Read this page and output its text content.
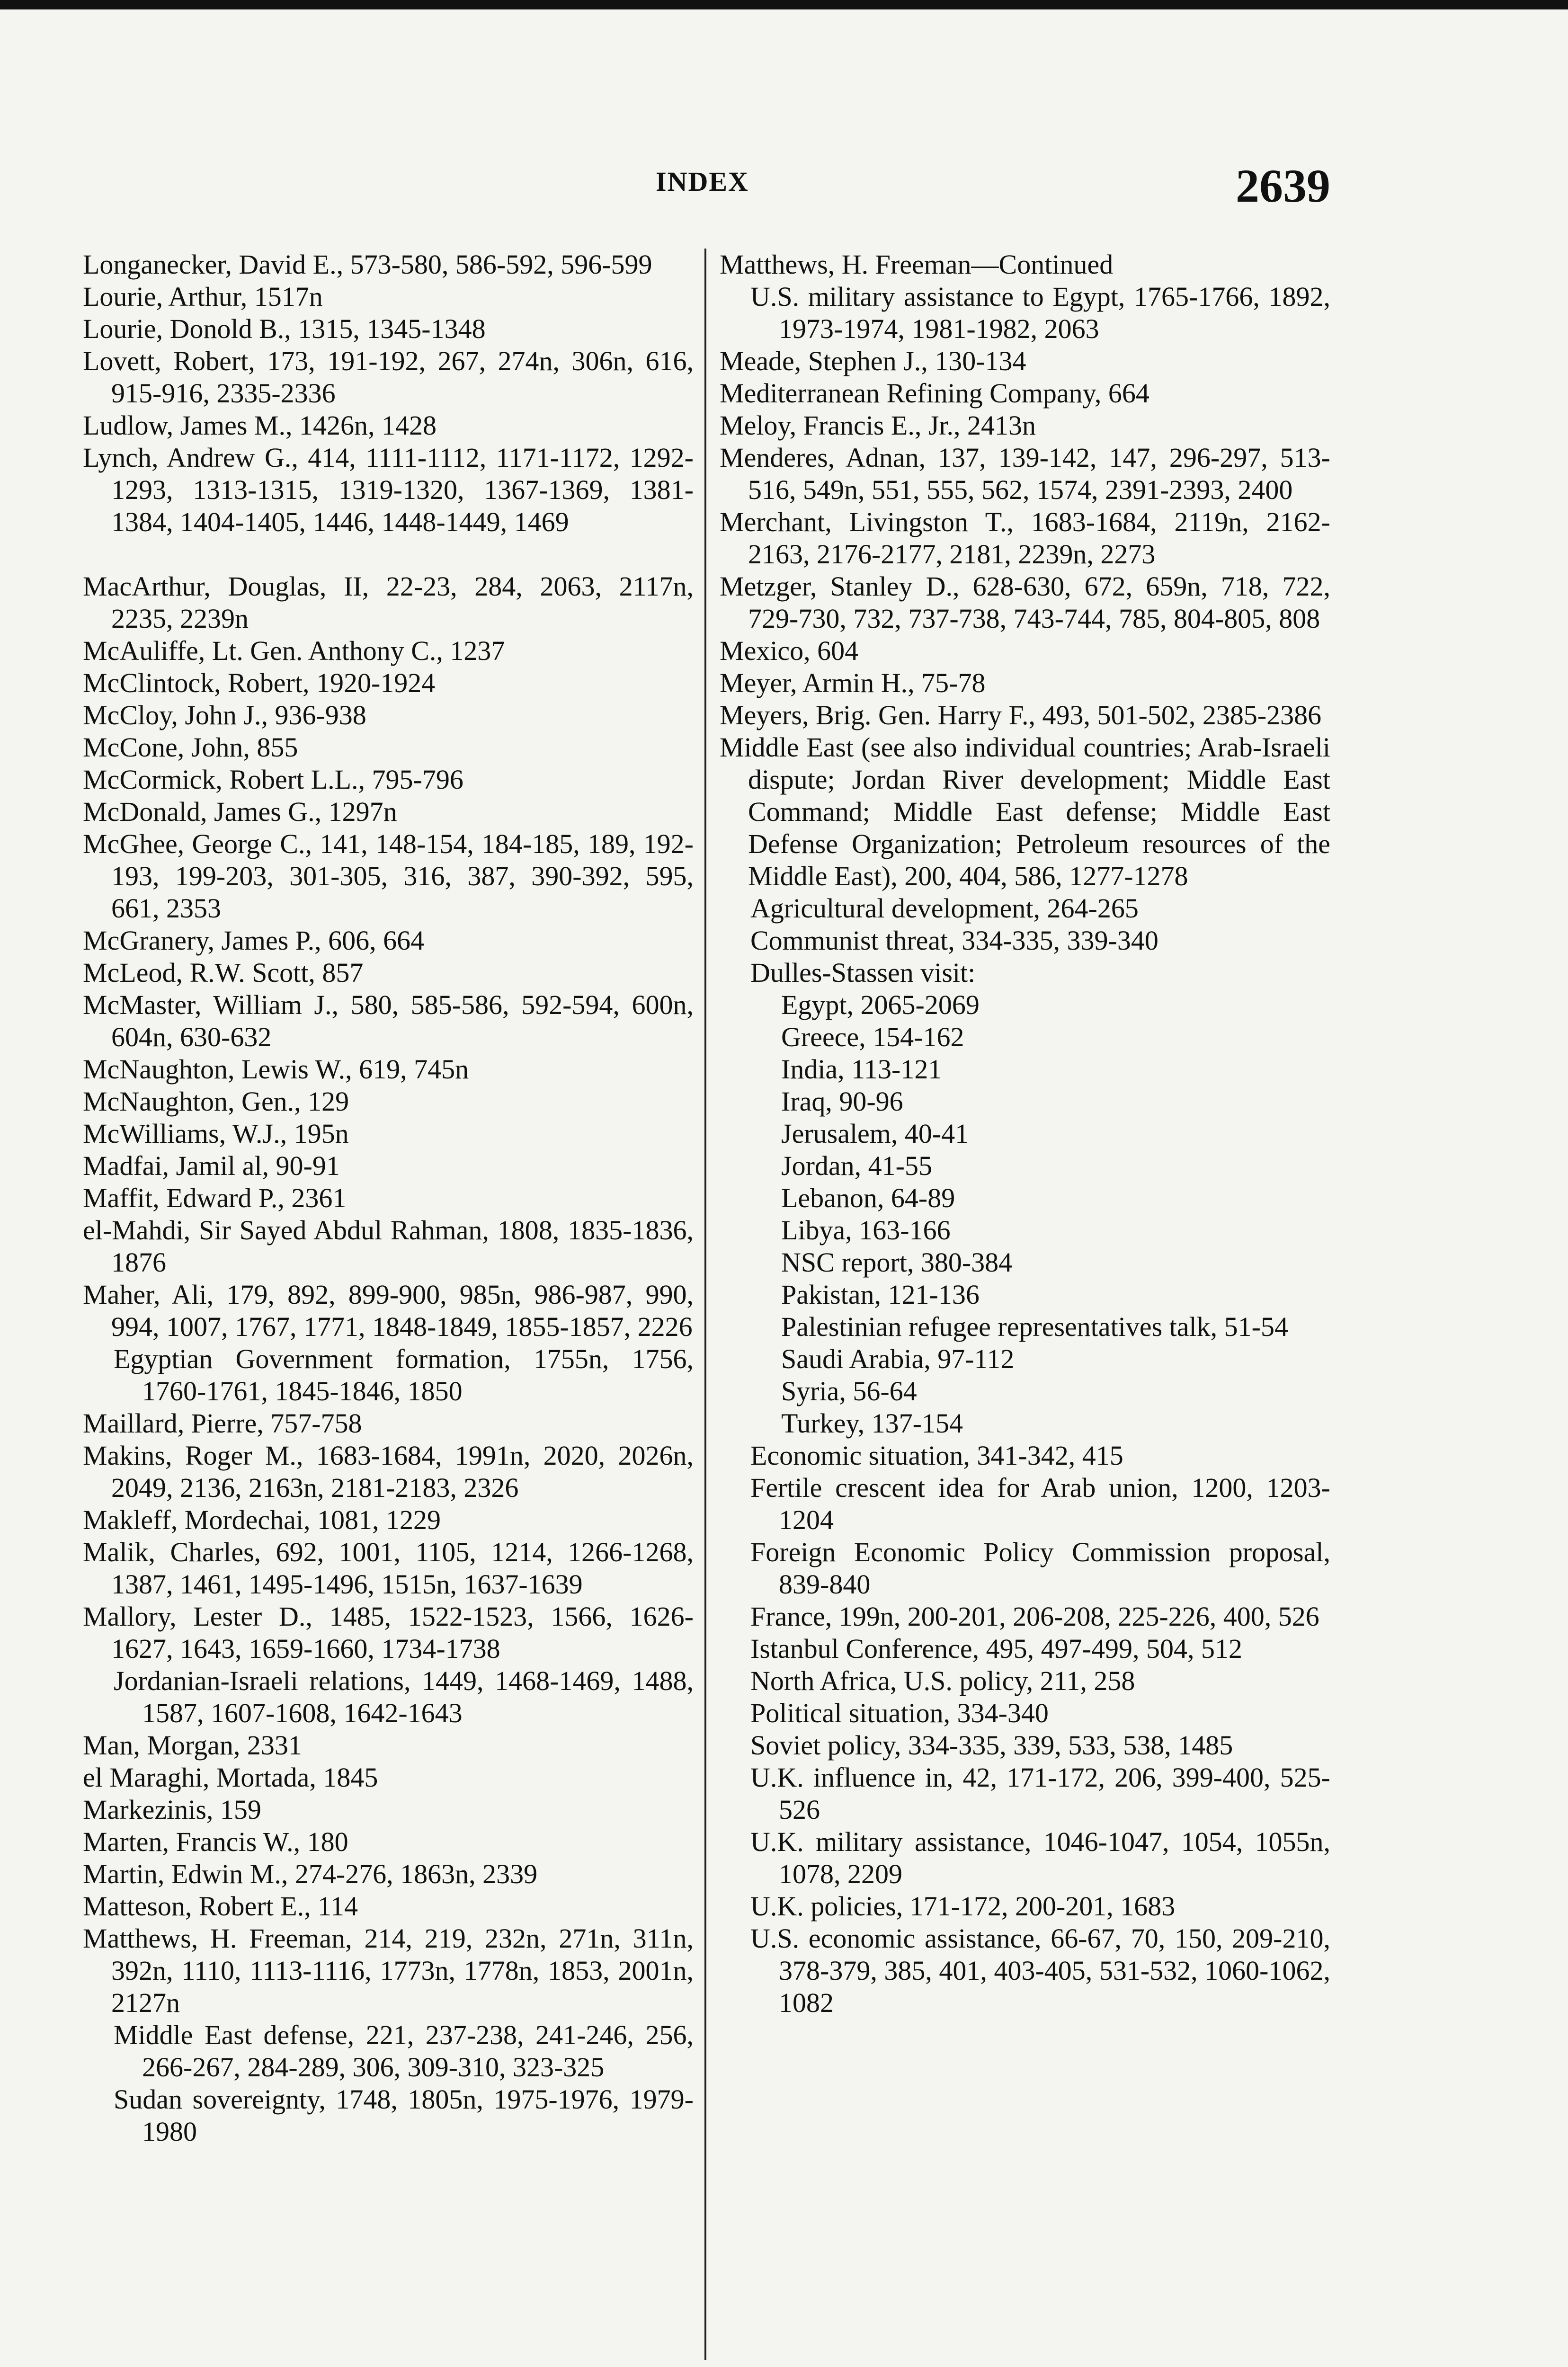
INDEX	2639
Longanecker, David E., 573-580, 586-592, 596-599
Lourie, Arthur, 1517n
Lourie, Donold B., 1315, 1345-1348
Lovett, Robert, 173, 191-192, 267, 274n, 306n, 616, 915-916, 2335-2336
Ludlow, James M., 1426n, 1428
Lynch, Andrew G., 414, 1111-1112, 1171-1172, 1292-1293, 1313-1315, 1319-1320, 1367-1369, 1381-1384, 1404-1405, 1446, 1448-1449, 1469
MacArthur, Douglas, II, 22-23, 284, 2063, 2117n, 2235, 2239n
McAuliffe, Lt. Gen. Anthony C., 1237
McClintock, Robert, 1920-1924
McCloy, John J., 936-938
McCone, John, 855
McCormick, Robert L.L., 795-796
McDonald, James G., 1297n
McGhee, George C., 141, 148-154, 184-185, 189, 192-193, 199-203, 301-305, 316, 387, 390-392, 595, 661, 2353
McGranery, James P., 606, 664
McLeod, R.W. Scott, 857
McMaster, William J., 580, 585-586, 592-594, 600n, 604n, 630-632
McNaughton, Lewis W., 619, 745n
McNaughton, Gen., 129
McWilliams, W.J., 195n
Madfai, Jamil al, 90-91
Maffit, Edward P., 2361
el-Mahdi, Sir Sayed Abdul Rahman, 1808, 1835-1836, 1876
Maher, Ali, 179, 892, 899-900, 985n, 986-987, 990, 994, 1007, 1767, 1771, 1848-1849, 1855-1857, 2226
Egyptian Government formation, 1755n, 1756, 1760-1761, 1845-1846, 1850
Maillard, Pierre, 757-758
Makins, Roger M., 1683-1684, 1991n, 2020, 2026n, 2049, 2136, 2163n, 2181-2183, 2326
Makleff, Mordechai, 1081, 1229
Malik, Charles, 692, 1001, 1105, 1214, 1266-1268, 1387, 1461, 1495-1496, 1515n, 1637-1639
Mallory, Lester D., 1485, 1522-1523, 1566, 1626-1627, 1643, 1659-1660, 1734-1738
Jordanian-Israeli relations, 1449, 1468-1469, 1488, 1587, 1607-1608, 1642-1643
Man, Morgan, 2331
el Maraghi, Mortada, 1845
Markezinis, 159
Marten, Francis W., 180
Martin, Edwin M., 274-276, 1863n, 2339
Matteson, Robert E., 114
Matthews, H. Freeman, 214, 219, 232n, 271n, 311n, 392n, 1110, 1113-1116, 1773n, 1778n, 1853, 2001n, 2127n
Middle East defense, 221, 237-238, 241-246, 256, 266-267, 284-289, 306, 309-310, 323-325
Sudan sovereignty, 1748, 1805n, 1975-1976, 1979-1980
Matthews, H. Freeman—Continued
U.S. military assistance to Egypt, 1765-1766, 1892, 1973-1974, 1981-1982, 2063
Meade, Stephen J., 130-134
Mediterranean Refining Company, 664
Meloy, Francis E., Jr., 2413n
Menderes, Adnan, 137, 139-142, 147, 296-297, 513-516, 549n, 551, 555, 562, 1574, 2391-2393, 2400
Merchant, Livingston T., 1683-1684, 2119n, 2162-2163, 2176-2177, 2181, 2239n, 2273
Metzger, Stanley D., 628-630, 672, 659n, 718, 722, 729-730, 732, 737-738, 743-744, 785, 804-805, 808
Mexico, 604
Meyer, Armin H., 75-78
Meyers, Brig. Gen. Harry F., 493, 501-502, 2385-2386
Middle East (see also individual countries; Arab-Israeli dispute; Jordan River development; Middle East Command; Middle East defense; Middle East Defense Organization; Petroleum resources of the Middle East), 200, 404, 586, 1277-1278
Agricultural development, 264-265
Communist threat, 334-335, 339-340
Dulles-Stassen visit:
Egypt, 2065-2069
Greece, 154-162
India, 113-121
Iraq, 90-96
Jerusalem, 40-41
Jordan, 41-55
Lebanon, 64-89
Libya, 163-166
NSC report, 380-384
Pakistan, 121-136
Palestinian refugee representatives talk, 51-54
Saudi Arabia, 97-112
Syria, 56-64
Turkey, 137-154
Economic situation, 341-342, 415
Fertile crescent idea for Arab union, 1200, 1203-1204
Foreign Economic Policy Commission proposal, 839-840
France, 199n, 200-201, 206-208, 225-226, 400, 526
Istanbul Conference, 495, 497-499, 504, 512
North Africa, U.S. policy, 211, 258
Political situation, 334-340
Soviet policy, 334-335, 339, 533, 538, 1485
U.K. influence in, 42, 171-172, 206, 399-400, 525-526
U.K. military assistance, 1046-1047, 1054, 1055n, 1078, 2209
U.K. policies, 171-172, 200-201, 1683
U.S. economic assistance, 66-67, 70, 150, 209-210, 378-379, 385, 401, 403-405, 531-532, 1060-1062, 1082
